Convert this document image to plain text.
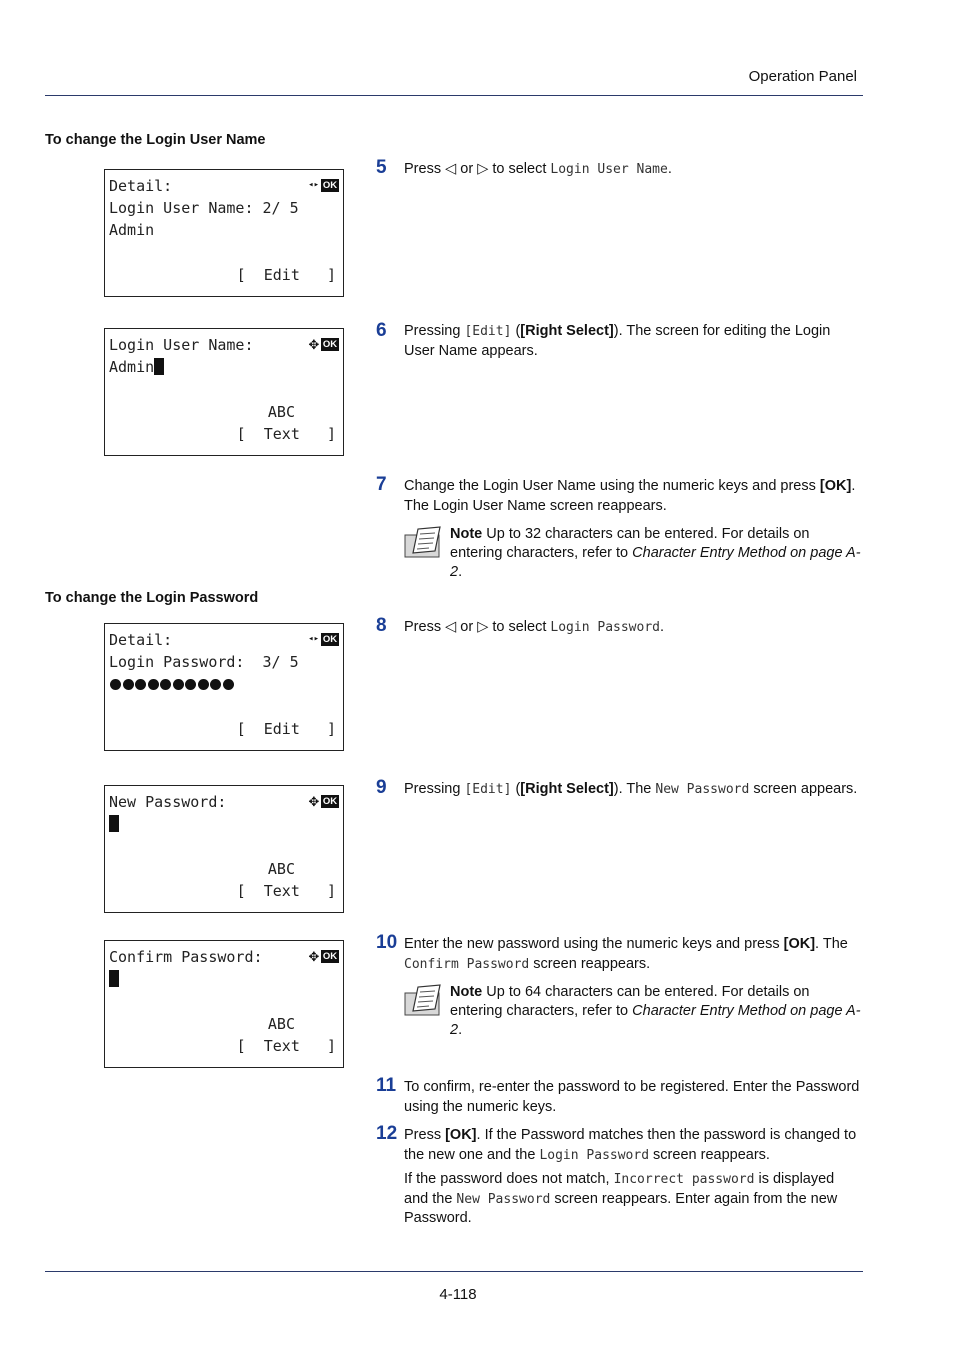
Operation Panel
To change the Login User Name
Detail:	◂▸ OK
Login User Name: 2/ 5
Admin
[  Edit   ]
Login User Name:	✥ OK
Admin
ABC
[  Text   ]
To change the Login Password
Detail:	◂▸ OK
Login Password:  3/ 5
[  Edit   ]
New Password:	✥ OK
ABC
[  Text   ]
Confirm Password:	✥ OK
ABC
[  Text   ]
5 Press ◁ or ▷ to select Login User Name.
6 Pressing [Edit] ([Right Select]). The screen for editing the Login User Name appears.
7 Change the Login User Name using the numeric keys and press [OK]. The Login User Name screen reappears.
Note Up to 32 characters can be entered. For details on entering characters, refer to Character Entry Method on page A-2.
8 Press ◁ or ▷ to select Login Password.
9 Pressing [Edit] ([Right Select]). The New Password screen appears.
10 Enter the new password using the numeric keys and press [OK]. The Confirm Password screen reappears.
Note Up to 64 characters can be entered. For details on entering characters, refer to Character Entry Method on page A-2.
11 To confirm, re-enter the password to be registered. Enter the Password using the numeric keys.
12 Press [OK]. If the Password matches then the password is changed to the new one and the Login Password screen reappears.
If the password does not match, Incorrect password is displayed and the New Password screen reappears. Enter again from the new Password.
4-118
